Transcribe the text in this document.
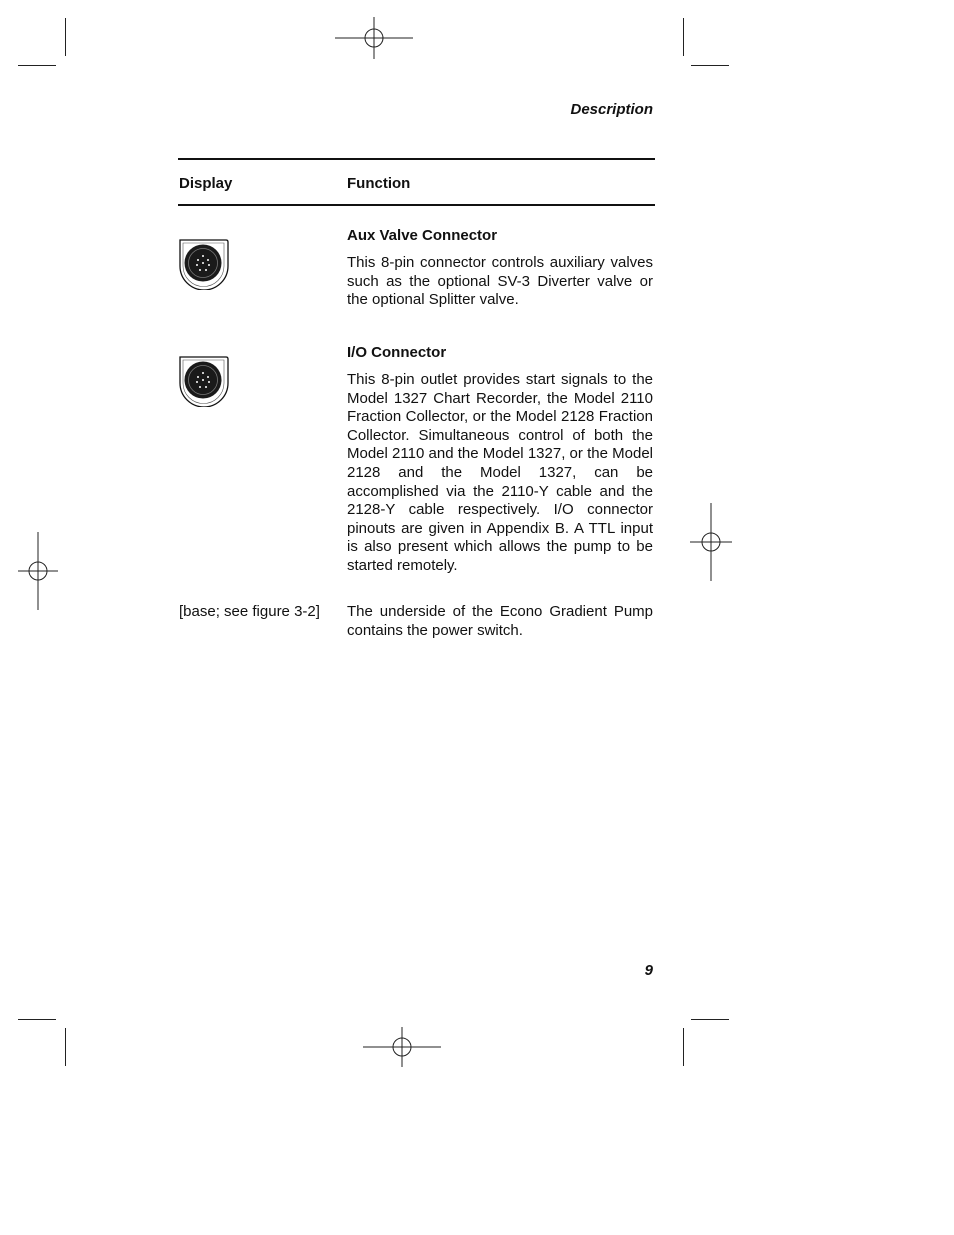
Description
Display	Function
Aux Valve Connector
This 8-pin connector controls auxiliary valves such as the optional SV-3 Diverter valve or the optional Splitter valve.
I/O Connector
This 8-pin outlet provides start signals to the Model 1327 Chart Recorder, the Model 2110 Fraction Collector, or the Model 2128 Fraction Collector. Simultaneous control of both the Model 2110 and the Model 1327, or the Model 2128 and the Model 1327, can be accomplished via the 2110-Y cable and the 2128-Y cable respectively. I/O connector pinouts are given in Appendix B. A TTL input is also present which allows the pump to be started remotely.
[base; see figure 3-2] The underside of the Econo Gradient Pump contains the power switch.
9
